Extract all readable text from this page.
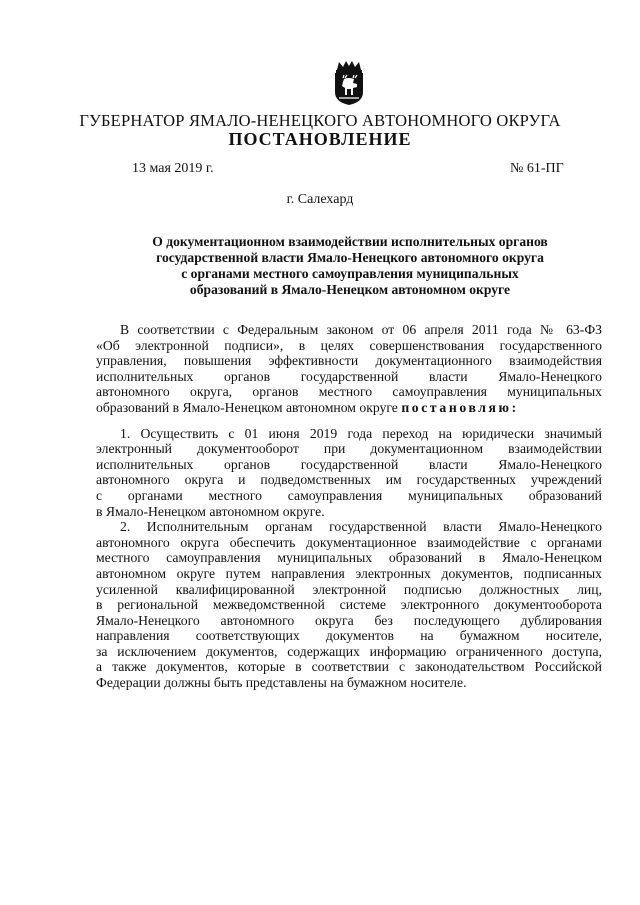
ГУБЕРНАТОР ЯМАЛО-НЕНЕЦКОГО АВТОНОМНОГО ОКРУГА
ПОСТАНОВЛЕНИЕ
13 мая 2019 г.	№ 61-ПГ
г. Салехард
О документационном взаимодействии исполнительных органов
государственной власти Ямало-Ненецкого автономного округа
с органами местного самоуправления муниципальных
образований в Ямало-Ненецком автономном округе
В соответствии с Федеральным законом от 06 апреля 2011 года № 63-ФЗ
«Об электронной подписи», в целях совершенствования государственного
управления, повышения эффективности документационного взаимодействия
исполнительных органов государственной власти Ямало-Ненецкого
автономного округа, органов местного самоуправления муниципальных
образований в Ямало-Ненецком автономном округе постановляю:
1. Осуществить с 01 июня 2019 года переход на юридически значимый
электронный документооборот при документационном взаимодействии
исполнительных органов государственной власти Ямало-Ненецкого
автономного округа и подведомственных им государственных учреждений
с органами местного самоуправления муниципальных образований
в Ямало-Ненецком автономном округе.
2. Исполнительным органам государственной власти Ямало-Ненецкого
автономного округа обеспечить документационное взаимодействие с органами
местного самоуправления муниципальных образований в Ямало-Ненецком
автономном округе путем направления электронных документов, подписанных
усиленной квалифицированной электронной подписью должностных лиц,
в региональной межведомственной системе электронного документооборота
Ямало-Ненецкого автономного округа без последующего дублирования
направления соответствующих документов на бумажном носителе,
за исключением документов, содержащих информацию ограниченного доступа,
а также документов, которые в соответствии с законодательством Российской
Федерации должны быть представлены на бумажном носителе.
